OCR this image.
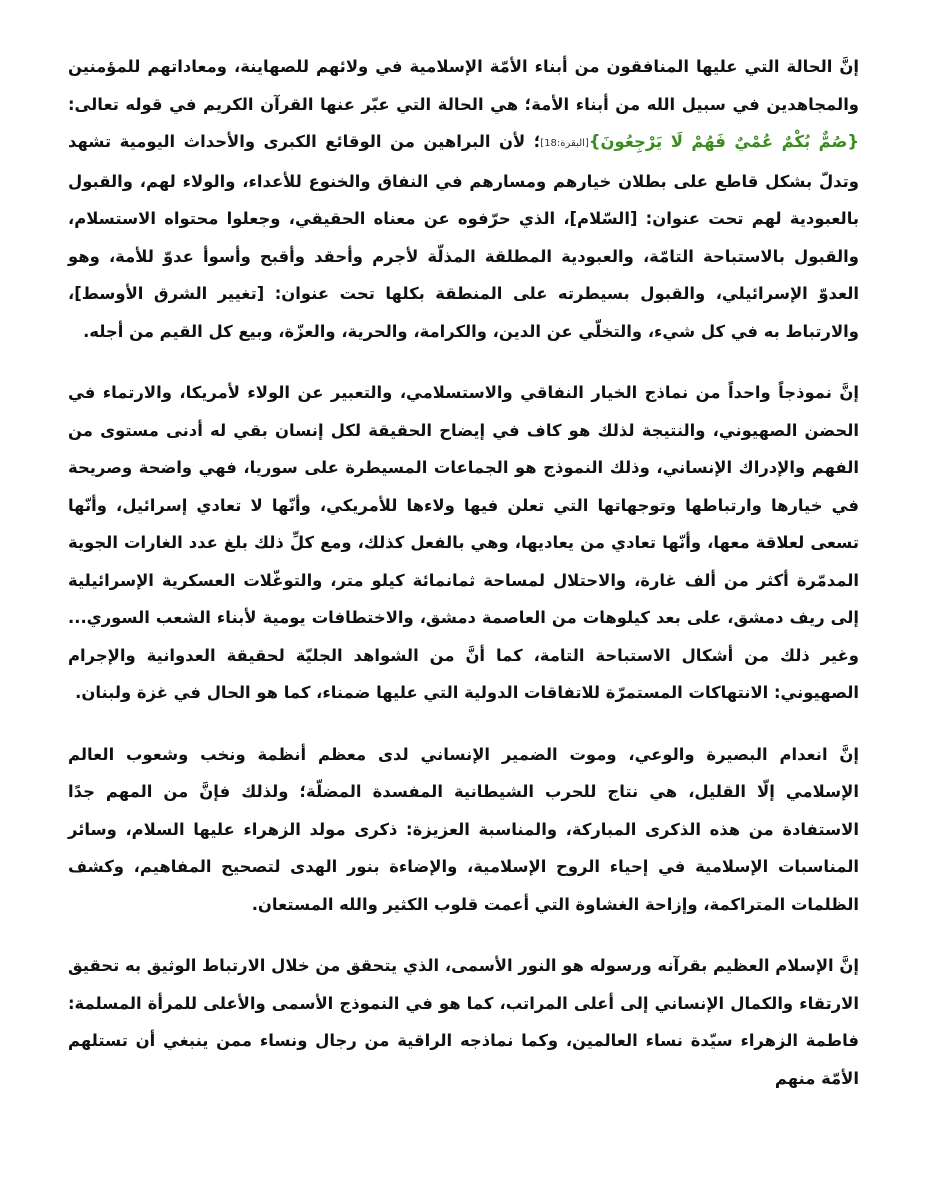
إنَّ الحالة التي عليها المنافقون من أبناء الأمّة الإسلامية في ولائهم للصهاينة، ومعاداتهم للمؤمنين والمجاهدين في سبيل الله من أبناء الأمة؛ هي الحالة التي عبّر عنها القرآن الكريم في قوله تعالى: {صُمٌّ بُكْمٌ عُمْيٌ فَهُمْ لَا يَرْجِعُونَ}[البقرة:18]؛ لأن البراهين من الوقائع الكبرى والأحداث اليومية تشهد وتدلّ بشكل قاطع على بطلان خيارهم ومسارهم في النفاق والخنوع للأعداء، والولاء لهم، والقبول بالعبودية لهم تحت عنوان: [السّلام]، الذي حرّفوه عن معناه الحقيقي، وجعلوا محتواه الاستسلام، والقبول بالاستباحة التامّة، والعبودية المطلقة المذلّة لأجرم وأحقد وأقبح وأسوأ عدوّ للأمة، وهو العدوّ الإسرائيلي، والقبول بسيطرته على المنطقة بكلها تحت عنوان: [تغيير الشرق الأوسط]، والارتباط به في كل شيء، والتخلّي عن الدين، والكرامة، والحرية، والعزّة، وبيع كل القيم من أجله.

إنَّ نموذجاً واحداً من نماذج الخيار النفاقي والاستسلامي، والتعبير عن الولاء لأمريكا، والارتماء في الحضن الصهيوني، والنتيجة لذلك هو كاف في إيضاح الحقيقة لكل إنسان بقي له أدنى مستوى من الفهم والإدراك الإنساني، وذلك النموذج هو الجماعات المسيطرة على سوريا، فهي واضحة وصريحة في خيارها وارتباطها وتوجهاتها التي تعلن فيها ولاءها للأمريكي، وأنّها لا تعادي إسرائيل، وأنّها تسعى لعلاقة معها، وأنّها تعادي من يعاديها، وهي بالفعل كذلك، ومع كلِّ ذلك بلغ عدد الغارات الجوية المدمّرة أكثر من ألف غارة، والاحتلال لمساحة ثمانمائة كيلو متر، والتوغّلات العسكرية الإسرائيلية إلى ريف دمشق، على بعد كيلوهات من العاصمة دمشق، والاختطافات يومية لأبناء الشعب السوري... وغير ذلك من أشكال الاستباحة التامة، كما أنَّ من الشواهد الجليّة لحقيقة العدوانية والإجرام الصهيوني: الانتهاكات المستمرّة للاتفاقات الدولية التي عليها ضمناء، كما هو الحال في غزة ولبنان.

إنَّ انعدام البصيرة والوعي، وموت الضمير الإنساني لدى معظم أنظمة ونخب وشعوب العالم الإسلامي إلّا القليل، هي نتاج للحرب الشيطانية المفسدة المضلّة؛ ولذلك فإنَّ من المهم جدًا الاستفادة من هذه الذكرى المباركة، والمناسبة العزيزة: ذكرى مولد الزهراء عليها السلام، وسائر المناسبات الإسلامية في إحياء الروح الإسلامية، والإضاءة بنور الهدى لتصحيح المفاهيم، وكشف الظلمات المتراكمة، وإزاحة الغشاوة التي أعمت قلوب الكثير والله المستعان.

إنَّ الإسلام العظيم بقرآنه ورسوله هو النور الأسمى، الذي يتحقق من خلال الارتباط الوثيق به تحقيق الارتقاء والكمال الإنساني إلى أعلى المراتب، كما هو في النموذج الأسمى والأعلى للمرأة المسلمة: فاطمة الزهراء سيّدة نساء العالمين، وكما نماذجه الراقية من رجال ونساء ممن ينبغي أن تستلهم الأمّة منهم
